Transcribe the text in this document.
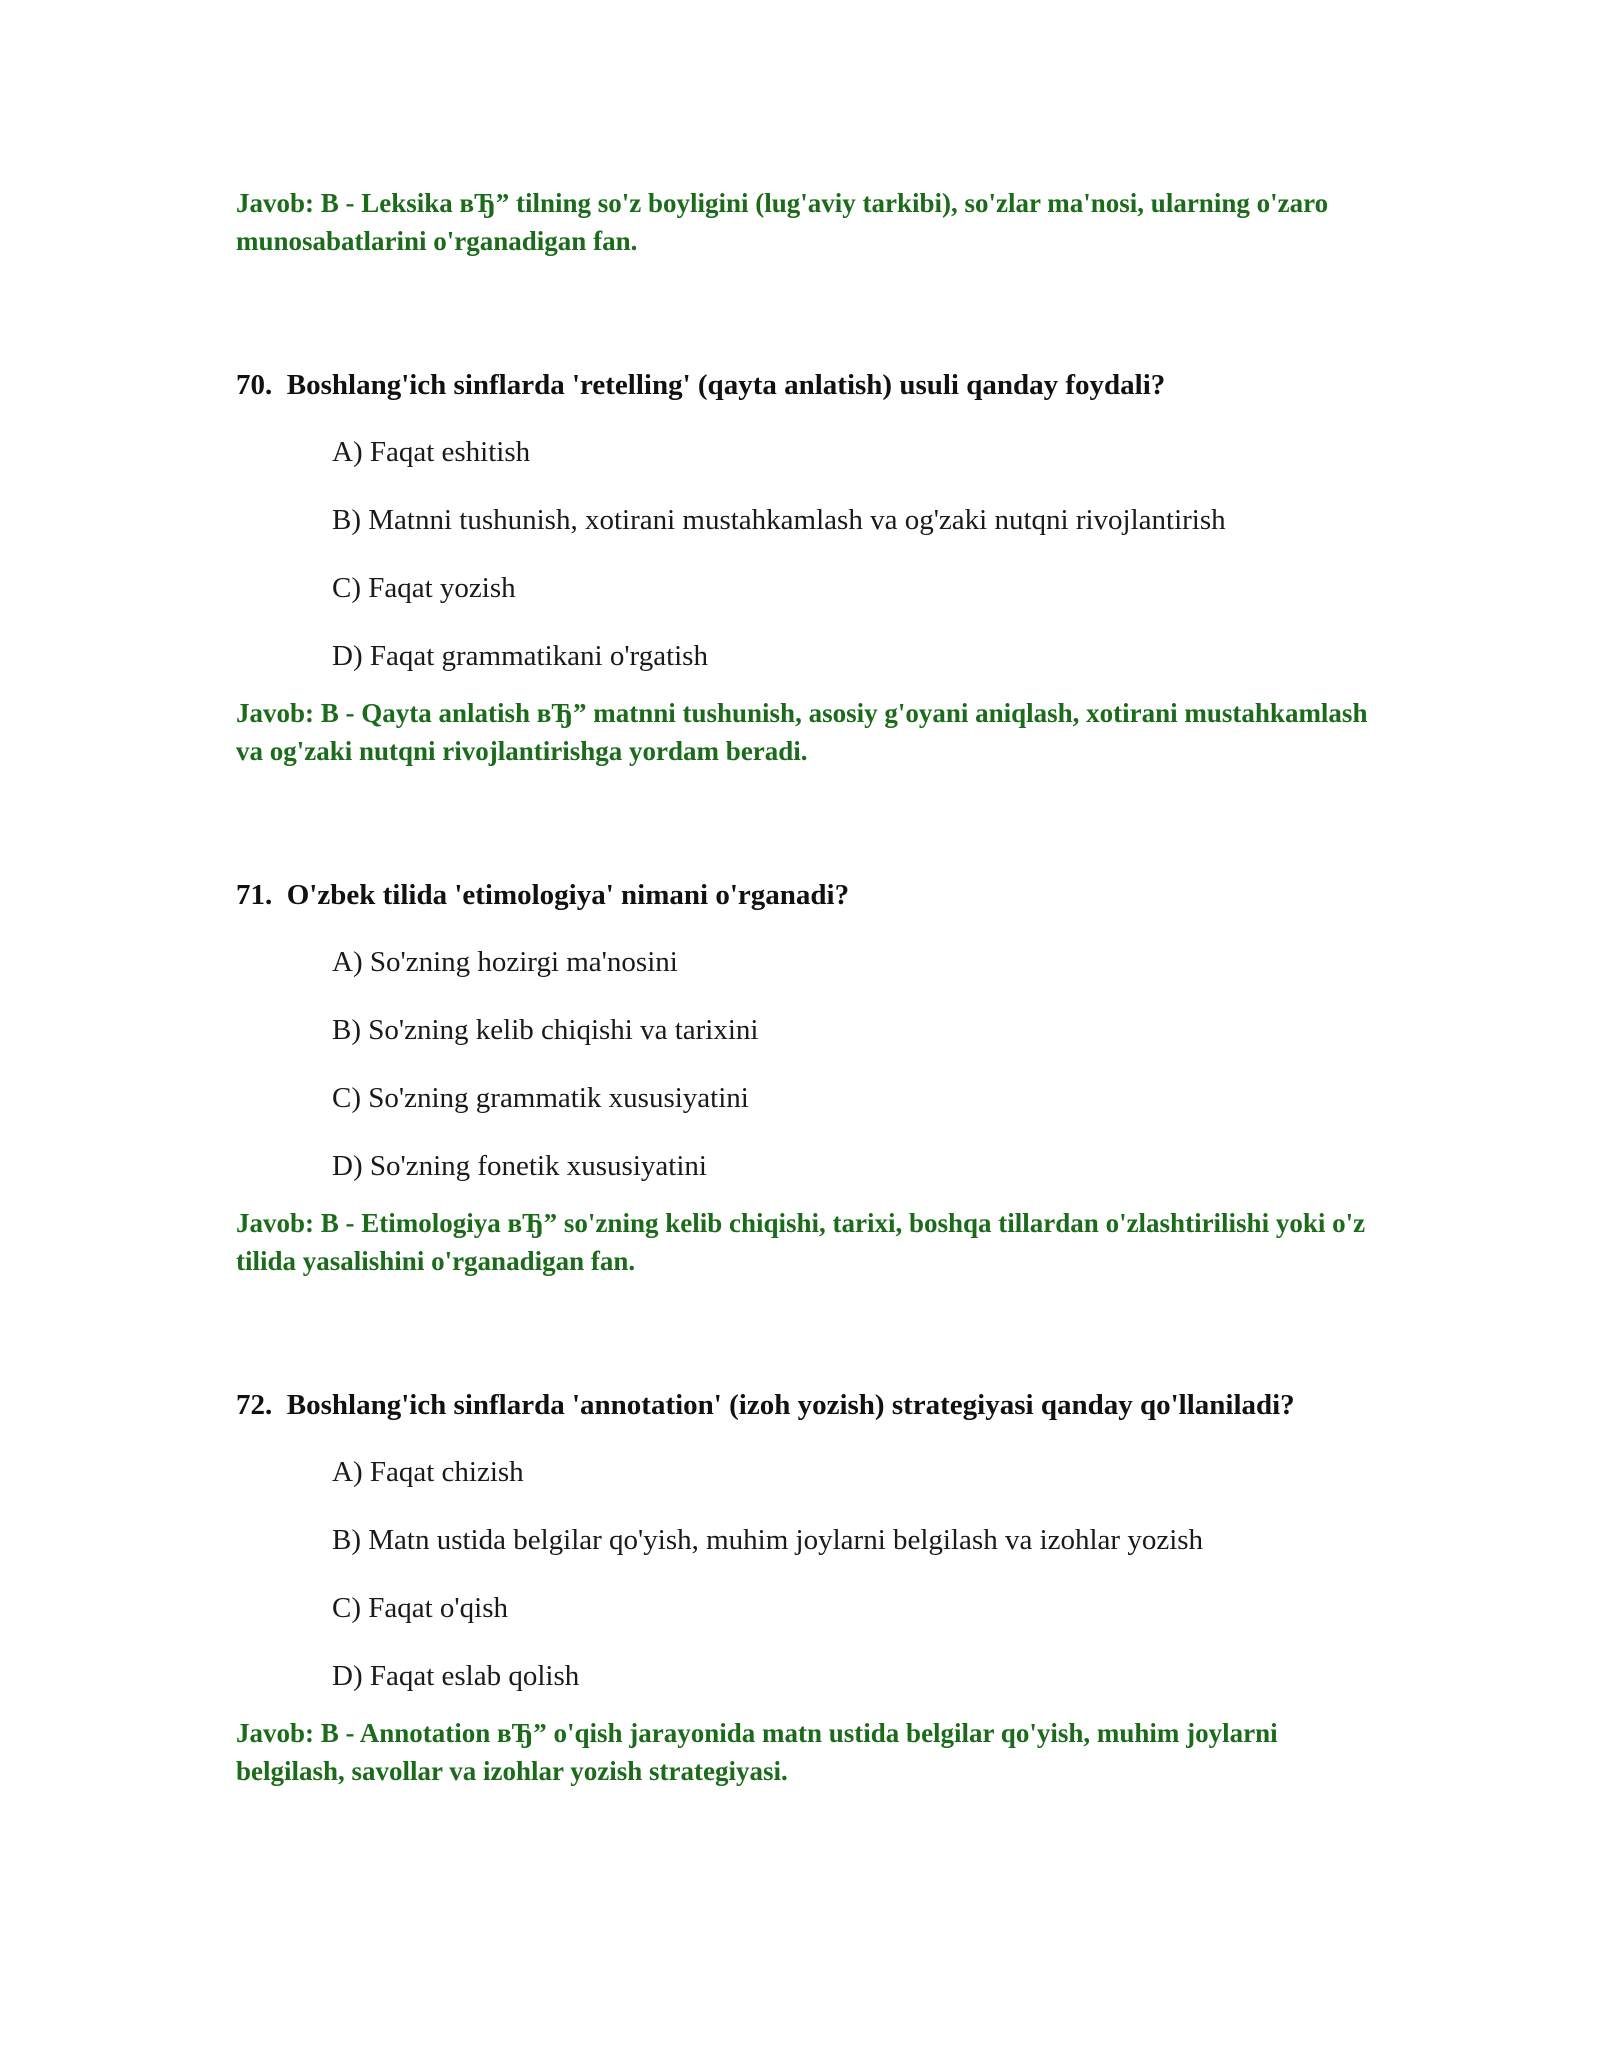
Javob: B - Leksika вЂ” tilning so'z boyligini (lug'aviy tarkibi), so'zlar ma'nosi, ularning o'zaro munosabatlarini o'rganadigan fan.

70.  Boshlang'ich sinflarda 'retelling' (qayta anlatish) usuli qanday foydali?

A) Faqat eshitish
B) Matnni tushunish, xotirani mustahkamlash va og'zaki nutqni rivojlantirish
C) Faqat yozish
D) Faqat grammatikani o'rgatish

Javob: B - Qayta anlatish вЂ” matnni tushunish, asosiy g'oyani aniqlash, xotirani mustahkamlash va og'zaki nutqni rivojlantirishga yordam beradi.

71.  O'zbek tilida 'etimologiya' nimani o'rganadi?

A) So'zning hozirgi ma'nosini
B) So'zning kelib chiqishi va tarixini
C) So'zning grammatik xususiyatini
D) So'zning fonetik xususiyatini

Javob: B - Etimologiya вЂ” so'zning kelib chiqishi, tarixi, boshqa tillardan o'zlashtirilishi yoki o'z tilida yasalishini o'rganadigan fan.

72.  Boshlang'ich sinflarda 'annotation' (izoh yozish) strategiyasi qanday qo'llaniladi?

A) Faqat chizish
B) Matn ustida belgilar qo'yish, muhim joylarni belgilash va izohlar yozish
C) Faqat o'qish
D) Faqat eslab qolish

Javob: B - Annotation вЂ” o'qish jarayonida matn ustida belgilar qo'yish, muhim joylarni belgilash, savollar va izohlar yozish strategiyasi.
